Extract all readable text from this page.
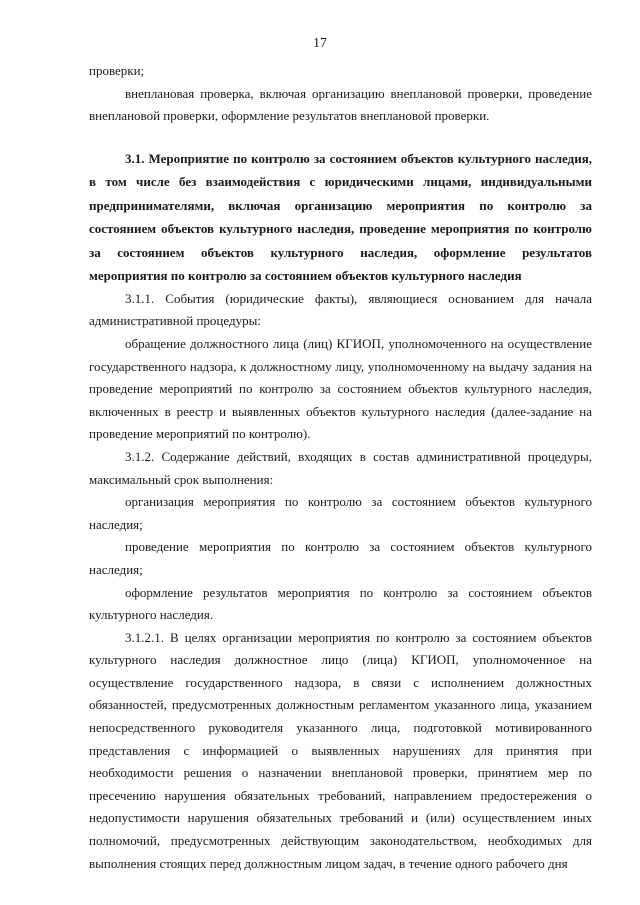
17

проверки;

внеплановая проверка, включая организацию внеплановой проверки, проведение внеплановой проверки, оформление результатов внеплановой проверки.

3.1. Мероприятие по контролю за состоянием объектов культурного наследия, в том числе без взаимодействия с юридическими лицами, индивидуальными предпринимателями, включая организацию мероприятия по контролю за состоянием объектов культурного наследия, проведение мероприятия по контролю за состоянием объектов культурного наследия, оформление результатов мероприятия по контролю за состоянием объектов культурного наследия

3.1.1. События (юридические факты), являющиеся основанием для начала административной процедуры:

обращение должностного лица (лиц) КГИОП, уполномоченного на осуществление государственного надзора, к должностному лицу, уполномоченному на выдачу задания на проведение мероприятий по контролю за состоянием объектов культурного наследия, включенных в реестр и выявленных объектов культурного наследия (далее-задание на проведение мероприятий по контролю).

3.1.2. Содержание действий, входящих в состав административной процедуры, максимальный срок выполнения:

организация мероприятия по контролю за состоянием объектов культурного наследия;

проведение мероприятия по контролю за состоянием объектов культурного наследия;

оформление результатов мероприятия по контролю за состоянием объектов культурного наследия.

3.1.2.1. В целях организации мероприятия по контролю за состоянием объектов культурного наследия должностное лицо (лица) КГИОП, уполномоченное на осуществление государственного надзора, в связи с исполнением должностных обязанностей, предусмотренных должностным регламентом указанного лица, указанием непосредственного руководителя указанного лица, подготовкой мотивированного представления с информацией о выявленных нарушениях для принятия при необходимости решения о назначении внеплановой проверки, принятием мер по пресечению нарушения обязательных требований, направлением предостережения о недопустимости нарушения обязательных требований и (или) осуществлением иных полномочий, предусмотренных действующим законодательством, необходимых для выполнения стоящих перед должностным лицом задач, в течение одного рабочего дня
